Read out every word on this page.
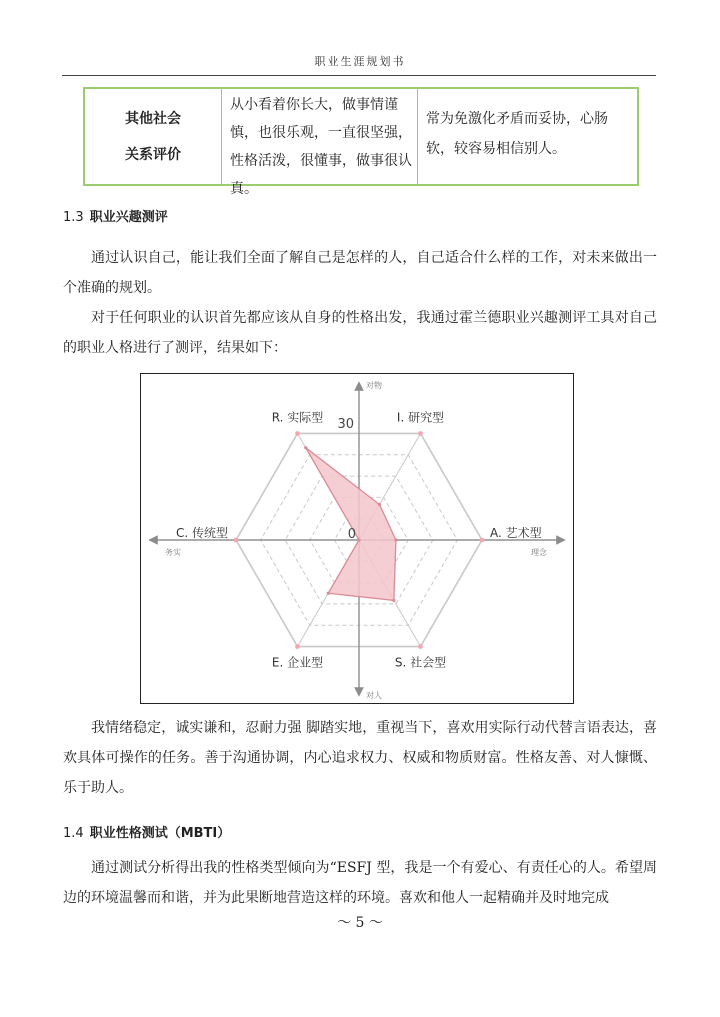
职业生涯规划书
其他社会
关系评价
从小看着你长大，做事情谨慎，也很乐观，一直很坚强，性格活泼，很懂事，做事很认真。
常为免激化矛盾而妥协，心肠软，较容易相信别人。
1.3 职业兴趣测评
通过认识自己，能让我们全面了解自己是怎样的人，自己适合什么样的工作，对未来做出一个准确的规划。
对于任何职业的认识首先都应该从自身的性格出发，我通过霍兰德职业兴趣测评工具对自己的职业人格进行了测评，结果如下：
R. 实际型	I. 研究型
A. 艺术型
S. 社会型
E. 企业型
C. 传统型
30
0
对物
对人
务实	理念
我情绪稳定，诚实谦和，忍耐力强 脚踏实地，重视当下，喜欢用实际行动代替言语表达，喜欢具体可操作的任务。善于沟通协调，内心追求权力、权威和物质财富。性格友善、对人慷慨、乐于助人。
1.4 职业性格测试（MBTI）
通过测试分析得出我的性格类型倾向为“ESFJ 型，我是一个有爱心、有责任心的人。希望周边的环境温馨而和谐，并为此果断地营造这样的环境。喜欢和他人一起精确并及时地完成
～ 5 ～
